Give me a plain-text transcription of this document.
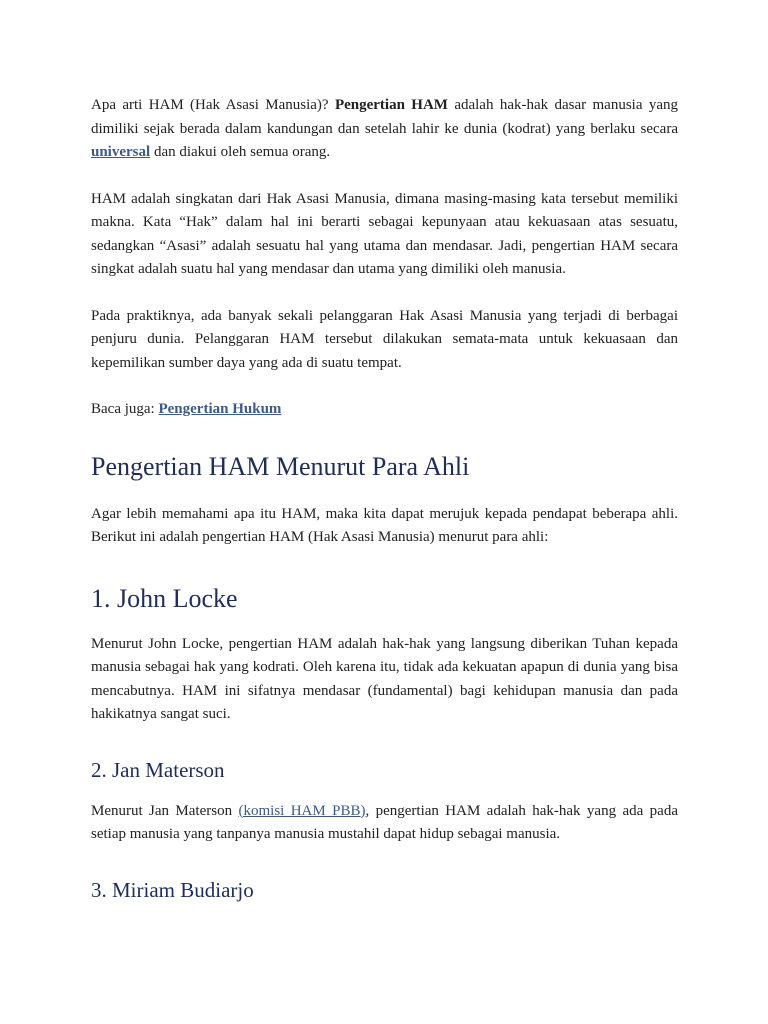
Apa arti HAM (Hak Asasi Manusia)? Pengertian HAM adalah hak-hak dasar manusia yang dimiliki sejak berada dalam kandungan dan setelah lahir ke dunia (kodrat) yang berlaku secara universal dan diakui oleh semua orang.

HAM adalah singkatan dari Hak Asasi Manusia, dimana masing-masing kata tersebut memiliki makna. Kata “Hak” dalam hal ini berarti sebagai kepunyaan atau kekuasaan atas sesuatu, sedangkan “Asasi” adalah sesuatu hal yang utama dan mendasar. Jadi, pengertian HAM secara singkat adalah suatu hal yang mendasar dan utama yang dimiliki oleh manusia.

Pada praktiknya, ada banyak sekali pelanggaran Hak Asasi Manusia yang terjadi di berbagai penjuru dunia. Pelanggaran HAM tersebut dilakukan semata-mata untuk kekuasaan dan kepemilikan sumber daya yang ada di suatu tempat.

Baca juga: Pengertian Hukum

Pengertian HAM Menurut Para Ahli

Agar lebih memahami apa itu HAM, maka kita dapat merujuk kepada pendapat beberapa ahli. Berikut ini adalah pengertian HAM (Hak Asasi Manusia) menurut para ahli:

1. John Locke

Menurut John Locke, pengertian HAM adalah hak-hak yang langsung diberikan Tuhan kepada manusia sebagai hak yang kodrati. Oleh karena itu, tidak ada kekuatan apapun di dunia yang bisa mencabutnya. HAM ini sifatnya mendasar (fundamental) bagi kehidupan manusia dan pada hakikatnya sangat suci.

2. Jan Materson

Menurut Jan Materson (komisi HAM PBB), pengertian HAM adalah hak-hak yang ada pada setiap manusia yang tanpanya manusia mustahil dapat hidup sebagai manusia.

3. Miriam Budiarjo
